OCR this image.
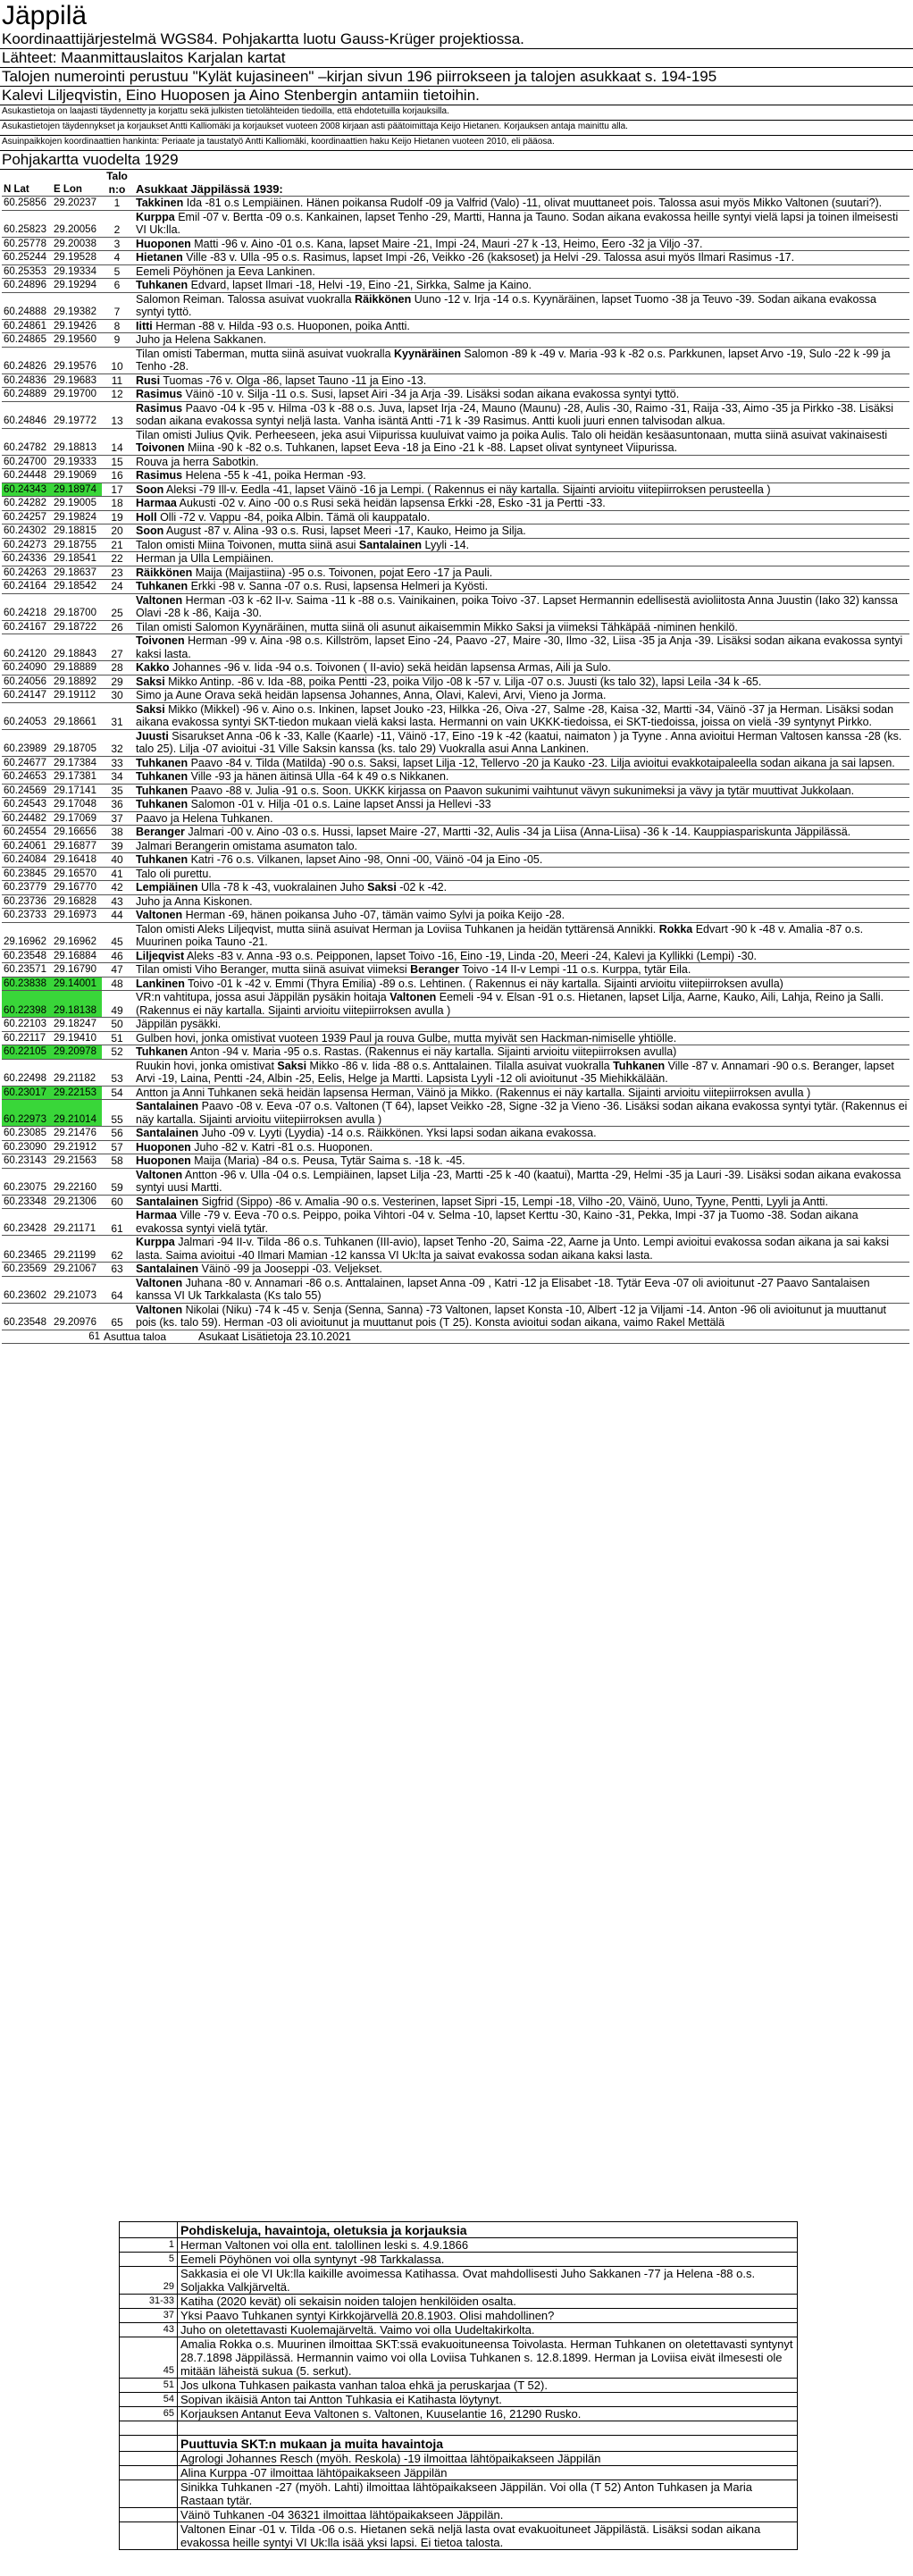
Jäppilä
Koordinaattijärjestelmä WGS84. Pohjakartta luotu Gauss-Krüger projektiossa.
Lähteet: Maanmittauslaitos Karjalan kartat
Talojen numerointi perustuu "Kylät kujasineen" –kirjan sivun 196 piirrokseen ja talojen asukkaat s. 194-195
Kalevi Liljeqvistin, Eino Huoposen ja Aino Stenbergin antamiin tietoihin.
Asukastietoja on laajasti täydennetty ja korjattu sekä julkisten tietolähteiden tiedoilla, että ehdotetuilla korjauksilla.
Asukastietojen täydennykset ja korjaukset Antti Kalliomäki ja korjaukset vuoteen 2008 kirjaan asti päätoimittaja Keijo Hietanen. Korjauksen antaja mainittu alla.
Asuinpaikkojen koordinaattien hankinta: Periaate ja taustatyö Antti Kalliomäki, koordinaattien haku Keijo Hietanen vuoteen 2010, eli pääosa.
Pohjakartta vuodelta 1929
N Lat	E Lon	Talo n:o	Asukkaat Jäppilässä 1939:
60.25856	29.20237	1	Takkinen Ida -81 o.s Lempiäinen. Hänen poikansa Rudolf -09 ja Valfrid (Valo) -11, olivat muuttaneet pois. Talossa asui myös Mikko Valtonen (suutari?).
60.25823	29.20056	2	Kurppa Emil -07 v. Bertta -09 o.s. Kankainen, lapset Tenho -29, Martti, Hanna ja Tauno. Sodan aikana evakossa heille syntyi vielä lapsi ja toinen ilmeisesti VI Uk:lla.
60.25778	29.20038	3	Huoponen Matti -96 v. Aino -01 o.s. Kana, lapset Maire -21, Impi -24, Mauri -27 k -13, Heimo, Eero -32 ja Viljo -37.
60.25244	29.19528	4	Hietanen Ville -83 v. Ulla -95 o.s. Rasimus, lapset Impi -26, Veikko -26 (kaksoset) ja Helvi -29. Talossa asui myös Ilmari Rasimus -17.
60.25353	29.19334	5	Eemeli Pöyhönen ja Eeva Lankinen.
60.24896	29.19294	6	Tuhkanen Edvard, lapset Ilmari -18, Helvi -19, Eino -21, Sirkka, Salme ja Kaino.
60.24888	29.19382	7	Salomon Reiman. Talossa asuivat vuokralla Räikkönen Uuno -12 v. Irja -14 o.s. Kyynäräinen, lapset Tuomo -38 ja Teuvo -39. Sodan aikana evakossa syntyi tyttö.
60.24861	29.19426	8	Iitti Herman -88 v. Hilda -93 o.s. Huoponen, poika Antti.
60.24865	29.19560	9	Juho ja Helena Sakkanen.
60.24826	29.19576	10	Tilan omisti Taberman, mutta siinä asuivat vuokralla Kyynäräinen Salomon -89 k -49 v. Maria -93 k -82 o.s. Parkkunen, lapset Arvo -19, Sulo -22 k -99 ja Tenho -28.
60.24836	29.19683	11	Rusi Tuomas -76 v. Olga -86, lapset Tauno -11 ja Eino -13.
60.24889	29.19700	12	Rasimus Väinö -10 v. Silja -11 o.s. Susi, lapset Airi -34 ja Arja -39. Lisäksi sodan aikana evakossa syntyi tyttö.
60.24846	29.19772	13	Rasimus Paavo -04 k -95 v. Hilma -03 k -88 o.s. Juva, lapset Irja -24, Mauno (Maunu) -28, Aulis -30, Raimo -31, Raija -33, Aimo -35 ja Pirkko -38. Lisäksi sodan aikana evakossa syntyi neljä lasta. Vanha isäntä Antti -71 k -39 Rasimus. Antti kuoli juuri ennen talvisodan alkua.
60.24782	29.18813	14	Tilan omisti Julius Qvik. Perheeseen, jeka asui Viipurissa kuuluivat vaimo ja poika Aulis. Talo oli heidän kesäasuntonaan, mutta siinä asuivat vakinaisesti Toivonen Miina -90 k -82 o.s. Tuhkanen, lapset Eeva -18 ja Eino -21 k -88. Lapset olivat syntyneet Viipurissa.
60.24700	29.19333	15	Rouva ja herra Sabotkin.
60.24448	29.19069	16	Rasimus Helena -55 k -41, poika Herman -93.
60.24343	29.18974	17	Soon Aleksi -79 Ill-v. Eedla -41, lapset Väinö -16 ja Lempi. ( Rakennus ei näy kartalla. Sijainti arvioitu viitepiirroksen perusteella )
60.24282	29.19005	18	Harmaa Aukusti -02 v. Aino -00 o.s Rusi sekä heidän lapsensa Erkki -28, Esko -31 ja Pertti -33.
60.24257	29.19824	19	Holl Olli -72 v. Vappu -84, poika Albin. Tämä oli kauppatalo.
60.24302	29.18815	20	Soon August -87 v. Alina -93 o.s. Rusi, lapset Meeri -17, Kauko, Heimo ja Silja.
60.24273	29.18755	21	Talon omisti Miina Toivonen, mutta siinä asui Santalainen Lyyli -14.
60.24336	29.18541	22	Herman ja Ulla Lempiäinen.
60.24263	29.18637	23	Räikkönen Maija (Maijastiina) -95 o.s. Toivonen, pojat Eero -17 ja Pauli.
60.24164	29.18542	24	Tuhkanen Erkki -98 v. Sanna -07 o.s. Rusi, lapsensa Helmeri ja Kyösti.
60.24218	29.18700	25	Valtonen Herman -03 k -62 II-v. Saima -11 k -88 o.s. Vainikainen, poika Toivo -37. Lapset Hermannin edellisestä avioliitosta Anna Juustin (Iako 32) kanssa Olavi -28 k -86, Kaija -30.
60.24167	29.18722	26	Tilan omisti Salomon Kyynäräinen, mutta siinä oli asunut aikaisemmin Mikko Saksi ja viimeksi Tähkäpää -niminen henkilö.
60.24120	29.18843	27	Toivonen Herman -99 v. Aina -98 o.s. Killström, lapset Eino -24, Paavo -27, Maire -30, Ilmo -32, Liisa -35 ja Anja -39. Lisäksi sodan aikana evakossa syntyi kaksi lasta.
60.24090	29.18889	28	Kakko Johannes -96 v. Iida -94 o.s. Toivonen ( II-avio) sekä heidän lapsensa Armas, Aili ja Sulo.
60.24056	29.18892	29	Saksi Mikko Antinp. -86 v. Ida -88, poika Pentti -23, poika Viljo -08 k -57 v. Lilja -07 o.s. Juusti (ks talo 32), lapsi Leila -34 k -65.
60.24147	29.19112	30	Simo ja Aune Orava sekä heidän lapsensa Johannes, Anna, Olavi, Kalevi, Arvi, Vieno ja Jorma.
60.24053	29.18661	31	Saksi Mikko (Mikkel) -96 v. Aino o.s. Inkinen, lapset Jouko -23, Hilkka -26, Oiva -27, Salme -28, Kaisa -32, Martti -34, Väinö -37 ja Herman. Lisäksi sodan aikana evakossa syntyi SKT-tiedon mukaan vielä kaksi lasta. Hermanni on vain UKKK-tiedoissa, ei SKT-tiedoissa, joissa on vielä -39 syntynyt Pirkko.
60.23989	29.18705	32	Juusti Sisarukset Anna -06 k -33, Kalle (Kaarle) -11, Väinö -17, Eino -19 k -42 (kaatui, naimaton ) ja Tyyne . Anna avioitui Herman Valtosen kanssa -28 (ks. talo 25). Lilja -07 avioitui -31 Ville Saksin kanssa (ks. talo 29) Vuokralla asui Anna Lankinen.
60.24677	29.17384	33	Tuhkanen Paavo -84 v. Tilda (Matilda) -90 o.s. Saksi, lapset Lilja -12, Tellervo -20 ja Kauko -23. Lilja avioitui evakkotaipaleella sodan aikana ja sai lapsen.
60.24653	29.17381	34	Tuhkanen Ville -93 ja hänen äitinsä Ulla -64 k 49 o.s Nikkanen.
60.24569	29.17141	35	Tuhkanen Paavo -88 v. Julia -91 o.s. Soon. UKKK kirjassa on Paavon sukunimi vaihtunut vävyn sukunimeksi ja vävy ja tytär muuttivat Jukkolaan.
60.24543	29.17048	36	Tuhkanen Salomon -01 v. Hilja -01 o.s. Laine lapset Anssi ja Hellevi -33
60.24482	29.17069	37	Paavo ja Helena Tuhkanen.
60.24554	29.16656	38	Beranger Jalmari -00 v. Aino -03 o.s. Hussi, lapset Maire -27, Martti -32, Aulis -34 ja Liisa (Anna-Liisa) -36 k -14. Kauppiaspariskunta Jäppilässä.
60.24061	29.16877	39	Jalmari Berangerin omistama asumaton talo.
60.24084	29.16418	40	Tuhkanen Katri -76 o.s. Vilkanen, lapset Aino -98, Onni -00, Väinö -04 ja Eino -05.
60.23845	29.16570	41	Talo oli purettu.
60.23779	29.16770	42	Lempiäinen Ulla -78 k -43, vuokralainen Juho Saksi -02 k -42.
60.23736	29.16828	43	Juho ja Anna Kiskonen.
60.23733	29.16973	44	Valtonen Herman -69, hänen poikansa Juho -07, tämän vaimo Sylvi ja poika Keijo -28.
29.16962	29.16962	45	Talon omisti Aleks Liljeqvist, mutta siinä asuivat Herman ja Loviisa Tuhkanen ja heidän tyttärensä Annikki. Rokka Edvart -90 k -48 v. Amalia -87 o.s. Muurinen poika Tauno -21.
60.23548	29.16884	46	Liljeqvist Aleks -83 v. Anna -93 o.s. Peipponen, lapset Toivo -16, Eino -19, Linda -20, Meeri -24, Kalevi ja Kyllikki (Lempi) -30.
60.23571	29.16790	47	Tilan omisti Viho Beranger, mutta siinä asuivat viimeksi Beranger Toivo -14 II-v Lempi -11 o.s. Kurppa, tytär Eila.
60.23838	29.14001	48	Lankinen Toivo -01 k -42 v. Emmi (Thyra Emilia) -89 o.s. Lehtinen. ( Rakennus ei näy kartalla. Sijainti arvioitu viitepiirroksen avulla)
60.22398	29.18138	49	VR:n vahtitupa, jossa asui Jäppilän pysäkin hoitaja Valtonen Eemeli -94 v. Elsan -91 o.s. Hietanen, lapset Lilja, Aarne, Kauko, Aili, Lahja, Reino ja Salli. (Rakennus ei näy kartalla. Sijainti arvioitu viitepiirroksen avulla )
60.22103	29.18247	50	Jäppilän pysäkki.
60.22117	29.19410	51	Gulben hovi, jonka omistivat vuoteen 1939 Paul ja rouva Gulbe, mutta myivät sen Hackman-nimiselle yhtiölle.
60.22105	29.20978	52	Tuhkanen Anton -94 v. Maria -95 o.s. Rastas. (Rakennus ei näy kartalla. Sijainti arvioitu viitepiirroksen avulla)
60.22498	29.21182	53	Ruukin hovi, jonka omistivat Saksi Mikko -86 v. Iida -88 o.s. Anttalainen. Tilalla asuivat vuokralla Tuhkanen Ville -87 v. Annamari -90 o.s. Beranger, lapset Arvi -19, Laina, Pentti -24, Albin -25, Eelis, Helge ja Martti. Lapsista Lyyli -12 oli avioitunut -35 Miehikkälään.
60.23017	29.22153	54	Antton ja Anni Tuhkanen sekä heidän lapsensa Herman, Väinö ja Mikko. (Rakennus ei näy kartalla. Sijainti arvioitu viitepiirroksen avulla )
60.22973	29.21014	55	Santalainen Paavo -08 v. Eeva -07 o.s. Valtonen (T 64), lapset Veikko -28, Signe -32 ja Vieno -36. Lisäksi sodan aikana evakossa syntyi tytär. (Rakennus ei näy kartalla. Sijainti arvioitu viitepiirroksen avulla )
60.23085	29.21476	56	Santalainen Juho -09 v. Lyyti (Lyydia) -14 o.s. Räikkönen. Yksi lapsi sodan aikana evakossa.
60.23090	29.21912	57	Huoponen Juho -82 v. Katri -81 o.s. Huoponen.
60.23143	29.21563	58	Huoponen Maija (Maria) -84 o.s. Peusa, Tytär Saima s. -18 k. -45.
60.23075	29.22160	59	Valtonen Antton -96 v. Ulla -04 o.s. Lempiäinen, lapset Lilja -23, Martti -25 k -40 (kaatui), Martta -29, Helmi -35 ja Lauri -39. Lisäksi sodan aikana evakossa syntyi uusi Martti.
60.23348	29.21306	60	Santalainen Sigfrid (Sippo) -86 v. Amalia -90 o.s. Vesterinen, lapset Sipri -15, Lempi -18, Vilho -20, Väinö, Uuno, Tyyne, Pentti, Lyyli ja Antti.
60.23428	29.21171	61	Harmaa Ville -79 v. Eeva -70 o.s. Peippo, poika Vihtori -04 v. Selma -10, lapset Kerttu -30, Kaino -31, Pekka, Impi -37 ja Tuomo -38. Sodan aikana evakossa syntyi vielä tytär.
60.23465	29.21199	62	Kurppa Jalmari -94 II-v. Tilda -86 o.s. Tuhkanen (III-avio), lapset Tenho -20, Saima -22, Aarne ja Unto. Lempi avioitui evakossa sodan aikana ja sai kaksi lasta. Saima avioitui -40 Ilmari Mamian -12 kanssa VI Uk:lta ja saivat evakossa sodan aikana kaksi lasta.
60.23569	29.21067	63	Santalainen Väinö -99 ja Jooseppi -03. Veljekset.
60.23602	29.21073	64	Valtonen Juhana -80 v. Annamari -86 o.s. Anttalainen, lapset Anna -09 , Katri -12 ja Elisabet -18. Tytär Eeva -07 oli avioitunut -27 Paavo Santalaisen kanssa VI Uk Tarkkalasta (Ks talo 55)
60.23548	29.20976	65	Valtonen Nikolai (Niku) -74 k -45 v. Senja (Senna, Sanna) -73 Valtonen, lapset Konsta -10, Albert -12 ja Viljami -14. Anton -96 oli avioitunut ja muuttanut pois (ks. talo 59). Herman -03 oli avioitunut ja muuttanut pois (T 25). Konsta avioitui sodan aikana, vaimo Rakel Mettälä
	61	Asuttua taloa	Asukaat Lisätietoja 23.10.2021
	Pohdiskeluja, havaintoja, oletuksia ja korjauksia
1	Herman Valtonen voi olla ent. talollinen leski s. 4.9.1866
5	Eemeli Pöyhönen voi olla syntynyt -98 Tarkkalassa.
29	Sakkasia ei ole VI Uk:lla kaikille avoimessa Katihassa. Ovat mahdollisesti Juho Sakkanen -77 ja Helena -88 o.s. Soljakka Valkjärveltä.
31-33	Katiha (2020 kevät) oli sekaisin noiden talojen henkilöiden osalta.
37	Yksi Paavo Tuhkanen syntyi Kirkkojärvellä 20.8.1903. Olisi mahdollinen?
43	Juho on oletettavasti Kuolemajärveltä. Vaimo voi olla Uudeltakirkolta.
45	Amalia Rokka o.s. Muurinen ilmoittaa SKT:ssä evakuoituneensa Toivolasta. Herman Tuhkanen on oletettavasti syntynyt 28.7.1898 Jäppilässä. Hermannin vaimo voi olla Loviisa Tuhkanen s. 12.8.1899. Herman ja Loviisa eivät ilmesesti ole mitään läheistä sukua (5. serkut).
51	Jos ulkona Tuhkasen paikasta vanhan taloa ehkä ja peruskarjaa (T 52).
54	Sopivan ikäisiä Anton tai Antton Tuhkasia ei Katihasta löytynyt.
65	Korjauksen Antanut Eeva Valtonen s. Valtonen, Kuuselantie 16, 21290 Rusko.

	Puuttuvia SKT:n mukaan ja muita havaintoja
	Agrologi Johannes Resch (myöh. Reskola) -19 ilmoittaa lähtöpaikakseen Jäppilän
	Alina Kurppa -07 ilmoittaa lähtöpaikakseen Jäppilän
	Sinikka Tuhkanen -27 (myöh. Lahti) ilmoittaa lähtöpaikakseen Jäppilän. Voi olla (T 52) Anton Tuhkasen ja Maria Rastaan tytär.
	Väinö Tuhkanen -04 36321 ilmoittaa lähtöpaikakseen Jäppilän.
	Valtonen Einar -01 v. Tilda -06 o.s. Hietanen sekä neljä lasta ovat evakuoituneet Jäppilästä. Lisäksi sodan aikana evakossa heille syntyi VI Uk:lla isää yksi lapsi. Ei tietoa talosta.
